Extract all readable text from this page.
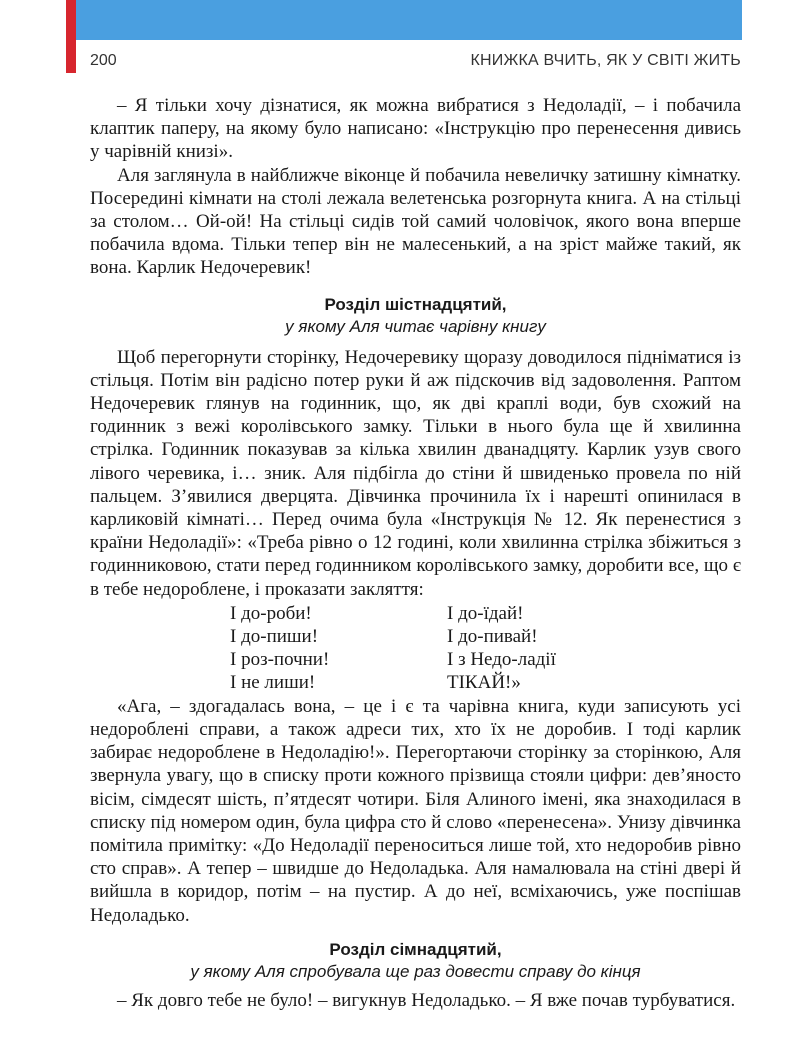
200	КНИЖКА ВЧИТЬ, ЯК У СВІТІ ЖИТЬ

– Я тільки хочу дізнатися, як можна вибратися з Недоладії, – і побачила клаптик паперу, на якому було написано: «Інструкцію про перенесення дивись у чарівній книзі».

Аля заглянула в найближче віконце й побачила невеличку затишну кімнатку. Посередині кімнати на столі лежала велетенська розгорнута книга. А на стільці за столом… Ой-ой! На стільці сидів той самий чоловічок, якого вона вперше побачила вдома. Тільки тепер він не малесенький, а на зріст майже такий, як вона. Карлик Недочеревик!

Розділ шістнадцятий,
у якому Аля читає чарівну книгу

Щоб перегорнути сторінку, Недочеревику щоразу доводилося підніматися із стільця. Потім він радісно потер руки й аж підскочив від задоволення. Раптом Недочеревик глянув на годинник, що, як дві краплі води, був схожий на годинник з вежі королівського замку. Тільки в нього була ще й хвилинна стрілка. Годинник показував за кілька хвилин дванадцяту. Карлик узув свого лівого черевика, і… зник. Аля підбігла до стіни й швиденько провела по ній пальцем. З’явилися дверцята. Дівчинка прочинила їх і нарешті опинилася в карликовій кімнаті… Перед очима була «Інструкція № 12. Як перенестися з країни Недоладії»: «Треба рівно о 12 годині, коли хвилинна стрілка збіжиться з годинниковою, стати перед годинником королівського замку, доробити все, що є в тебе недороблене, і проказати закляття:

І до-роби!
І до-пиши!
І роз-почни!
І не лиши!
І до-їдай!
І до-пивай!
І з Недо-ладії
ТІКАЙ!»

«Ага, – здогадалась вона, – це і є та чарівна книга, куди записують усі недороблені справи, а також адреси тих, хто їх не доробив. І тоді карлик забирає недороблене в Недоладію!». Перегортаючи сторінку за сторінкою, Аля звернула увагу, що в списку проти кожного прізвища стояли цифри: дев’яносто вісім, сімдесят шість, п’ятдесят чотири. Біля Алиного імені, яка знаходилася в списку під номером один, була цифра сто й слово «перенесена». Унизу дівчинка помітила примітку: «До Недоладії переноситься лише той, хто недоробив рівно сто справ». А тепер – швидше до Недоладька. Аля намалювала на стіні двері й вийшла в коридор, потім – на пустир. А до неї, всміхаючись, уже поспішав Недоладько.

Розділ сімнадцятий,
у якому Аля спробувала ще раз довести справу до кінця

– Як довго тебе не було! – вигукнув Недоладько. – Я вже почав турбуватися.
